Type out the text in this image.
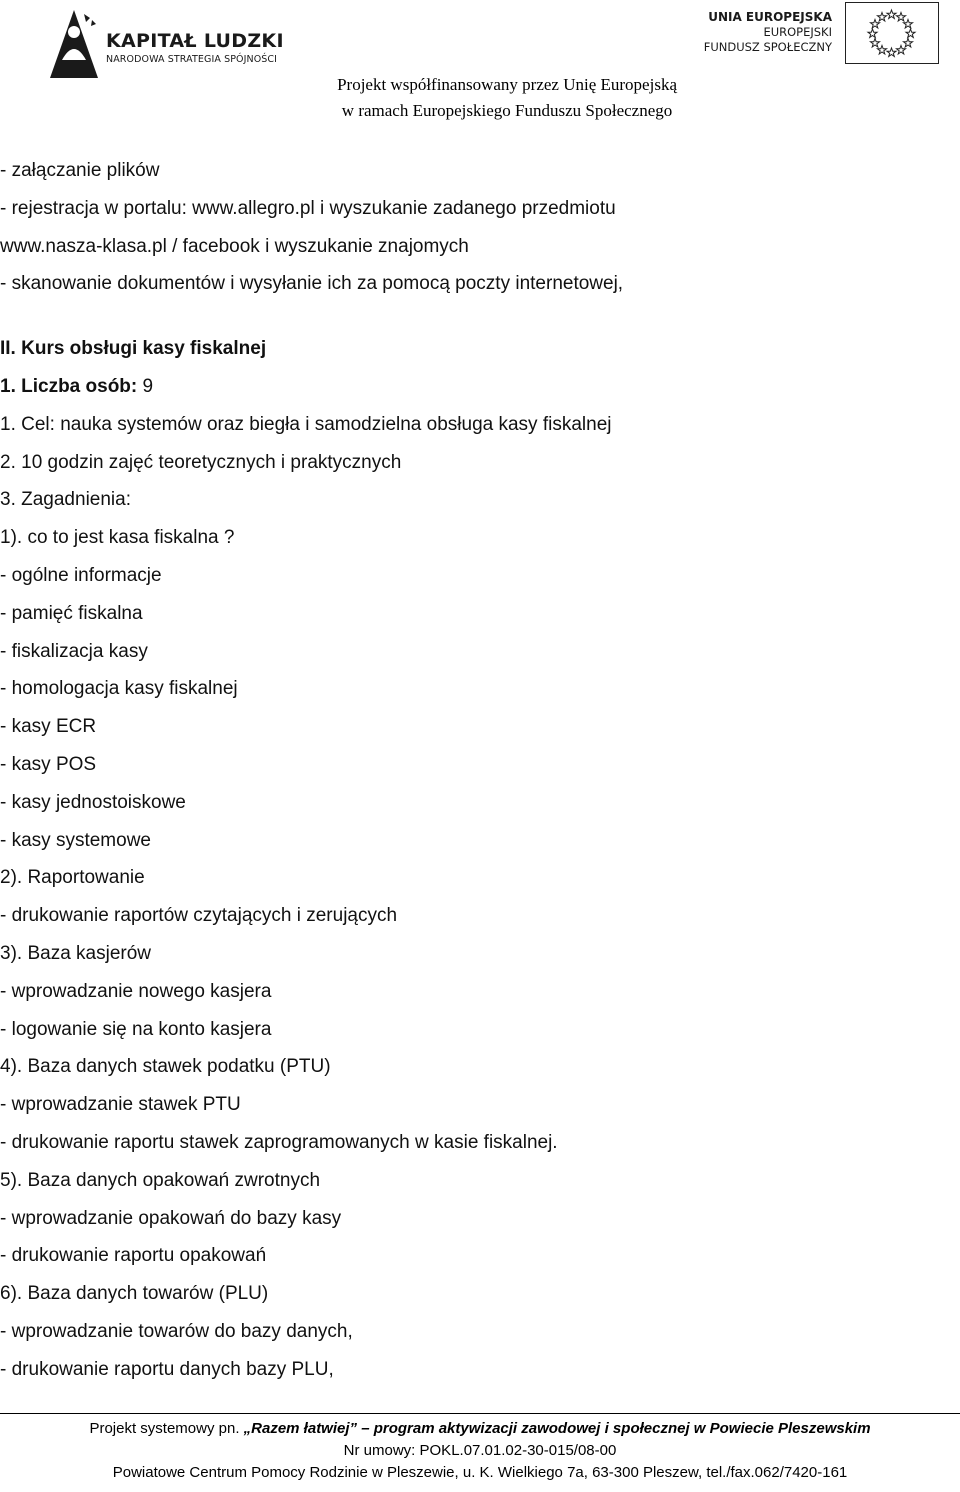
KAPITAŁ LUDZKI
NARODOWA STRATEGIA SPÓJNOŚCI
UNIA EUROPEJSKA
EUROPEJSKI
FUNDUSZ SPOŁECZNY
Projekt współfinansowany przez Unię Europejską
w ramach Europejskiego Funduszu Społecznego
- załączanie plików
- rejestracja w portalu: www.allegro.pl i wyszukanie zadanego przedmiotu
www.nasza-klasa.pl / facebook i wyszukanie znajomych
- skanowanie dokumentów i wysyłanie ich za pomocą poczty internetowej,
II. Kurs obsługi kasy fiskalnej
1. Liczba osób: 9
1. Cel: nauka systemów oraz biegła i samodzielna obsługa kasy fiskalnej
2. 10 godzin zajęć teoretycznych i praktycznych
3. Zagadnienia:
1). co to jest kasa fiskalna ?
- ogólne informacje
- pamięć fiskalna
- fiskalizacja kasy
- homologacja kasy fiskalnej
- kasy ECR
- kasy POS
- kasy jednostoiskowe
- kasy systemowe
2). Raportowanie
- drukowanie raportów czytających i zerujących
3). Baza kasjerów
- wprowadzanie nowego kasjera
- logowanie się na konto kasjera
4). Baza danych stawek podatku (PTU)
- wprowadzanie stawek PTU
- drukowanie raportu stawek zaprogramowanych w kasie fiskalnej.
5). Baza danych opakowań zwrotnych
- wprowadzanie opakowań do bazy kasy
- drukowanie raportu opakowań
6). Baza danych towarów (PLU)
- wprowadzanie towarów do bazy danych,
- drukowanie raportu danych bazy PLU,
Projekt systemowy pn. „Razem łatwiej” – program aktywizacji zawodowej i społecznej w Powiecie Pleszewskim
Nr umowy: POKL.07.01.02-30-015/08-00
Powiatowe Centrum Pomocy Rodzinie w Pleszewie, u. K. Wielkiego 7a, 63-300 Pleszew, tel./fax.062/7420-161
